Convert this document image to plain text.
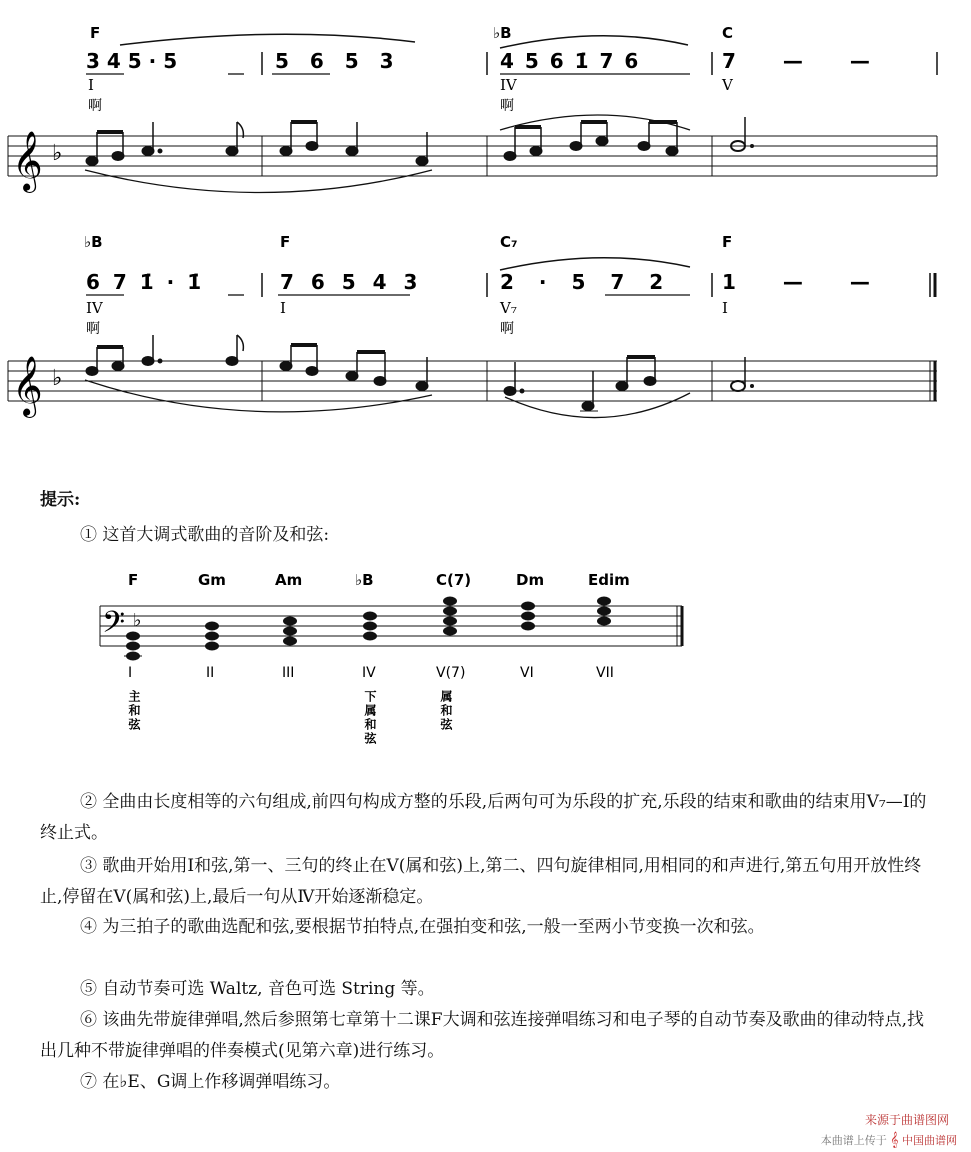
F	♭B	C
3 4 5 · 5	5 6 5 3	4 5 6 1̇ 7 6	7 — —
I	IV	V
啊	啊
𝄞 ♭
♭B	F	C₇	F
6 7 1̇ · 1̇	7 6 5 4 3	2 · 5 7 2	1 — —
IV	I	V₇	I
啊	啊
𝄞 ♭
提示:
① 这首大调式歌曲的音阶及和弦:
F	Gm	Am	♭B	C(7)	Dm	Edim
𝄢 ♭
I	II	III	IV	V(7)	VI	VII
主和弦	下属和弦	属和弦
② 全曲由长度相等的六句组成,前四句构成方整的乐段,后两句可为乐段的扩充,乐段的结束和歌曲的结束用V₇—I的终止式。
③ 歌曲开始用Ⅰ和弦,第一、三句的终止在Ⅴ(属和弦)上,第二、四句旋律相同,用相同的和声进行,第五句用开放性终止,停留在Ⅴ(属和弦)上,最后一句从Ⅳ开始逐渐稳定。
④ 为三拍子的歌曲选配和弦,要根据节拍特点,在强拍变和弦,一般一至两小节变换一次和弦。
⑤ 自动节奏可选 Waltz, 音色可选 String 等。
⑥ 该曲先带旋律弹唱,然后参照第七章第十二课F大调和弦连接弹唱练习和电子琴的自动节奏及歌曲的律动特点,找出几种不带旋律弹唱的伴奏模式(见第六章)进行练习。
⑦ 在♭E、G调上作移调弹唱练习。
来源于曲谱图网
本曲谱上传于 𝄞 中国曲谱网
